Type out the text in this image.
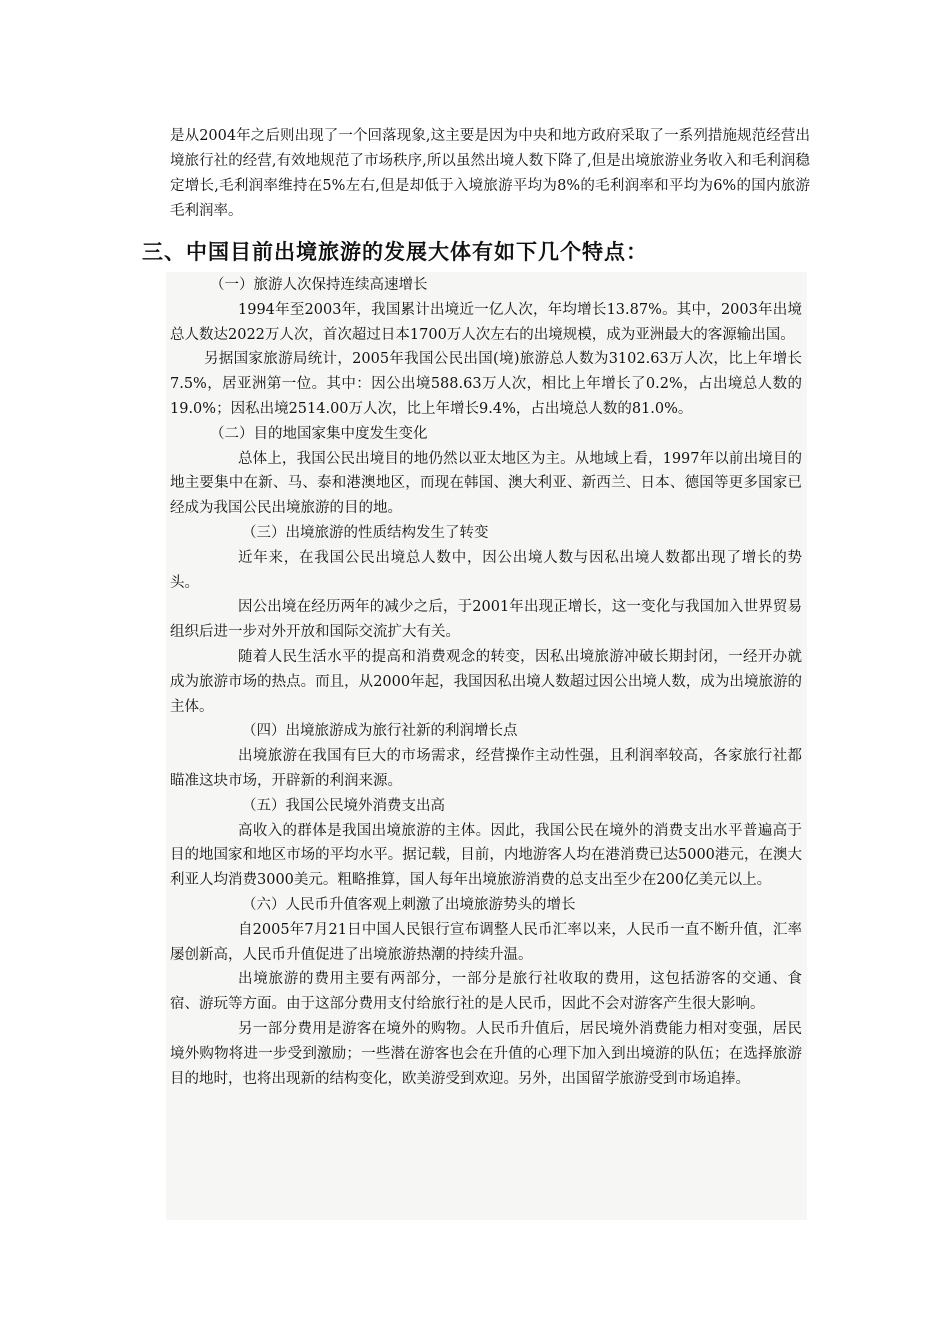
是从2004年之后则出现了一个回落现象,这主要是因为中央和地方政府采取了一系列措施规范经营出境旅行社的经营,有效地规范了市场秩序,所以虽然出境人数下降了,但是出境旅游业务收入和毛利润稳定增长,毛利润率维持在5%左右,但是却低于入境旅游平均为8%的毛利润率和平均为6%的国内旅游毛利润率。

三、中国目前出境旅游的发展大体有如下几个特点：

（一）旅游人次保持连续高速增长

1994年至2003年，我国累计出境近一亿人次，年均增长13.87%。其中，2003年出境总人数达2022万人次，首次超过日本1700万人次左右的出境规模，成为亚洲最大的客源输出国。

另据国家旅游局统计，2005年我国公民出国(境)旅游总人数为3102.63万人次，比上年增长7.5%，居亚洲第一位。其中：因公出境588.63万人次，相比上年增长了0.2%，占出境总人数的19.0%；因私出境2514.00万人次，比上年增长9.4%，占出境总人数的81.0%。

（二）目的地国家集中度发生变化

总体上，我国公民出境目的地仍然以亚太地区为主。从地域上看，1997年以前出境目的地主要集中在新、马、泰和港澳地区，而现在韩国、澳大利亚、新西兰、日本、德国等更多国家已经成为我国公民出境旅游的目的地。

（三）出境旅游的性质结构发生了转变

近年来，在我国公民出境总人数中，因公出境人数与因私出境人数都出现了增长的势头。

因公出境在经历两年的减少之后，于2001年出现正增长，这一变化与我国加入世界贸易组织后进一步对外开放和国际交流扩大有关。

随着人民生活水平的提高和消费观念的转变，因私出境旅游冲破长期封闭，一经开办就成为旅游市场的热点。而且，从2000年起，我国因私出境人数超过因公出境人数，成为出境旅游的主体。

（四）出境旅游成为旅行社新的利润增长点

出境旅游在我国有巨大的市场需求，经营操作主动性强，且利润率较高，各家旅行社都瞄准这块市场，开辟新的利润来源。

（五）我国公民境外消费支出高

高收入的群体是我国出境旅游的主体。因此，我国公民在境外的消费支出水平普遍高于目的地国家和地区市场的平均水平。据记载，目前，内地游客人均在港消费已达5000港元，在澳大利亚人均消费3000美元。粗略推算，国人每年出境旅游消费的总支出至少在200亿美元以上。

（六）人民币升值客观上刺激了出境旅游势头的增长

自2005年7月21日中国人民银行宣布调整人民币汇率以来，人民币一直不断升值，汇率屡创新高，人民币升值促进了出境旅游热潮的持续升温。

出境旅游的费用主要有两部分，一部分是旅行社收取的费用，这包括游客的交通、食宿、游玩等方面。由于这部分费用支付给旅行社的是人民币，因此不会对游客产生很大影响。

另一部分费用是游客在境外的购物。人民币升值后，居民境外消费能力相对变强，居民境外购物将进一步受到激励；一些潜在游客也会在升值的心理下加入到出境游的队伍；在选择旅游目的地时，也将出现新的结构变化，欧美游受到欢迎。另外，出国留学旅游受到市场追捧。
